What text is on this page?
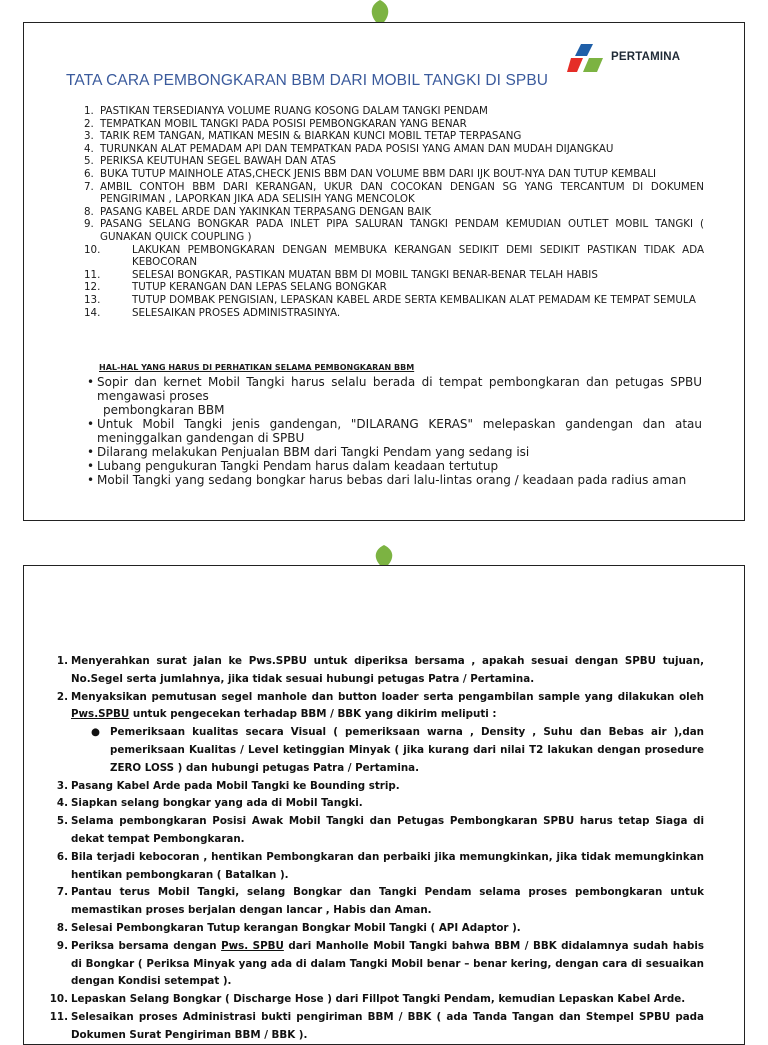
PERTAMINA
TATA CARA PEMBONGKARAN BBM DARI MOBIL TANGKI DI SPBU
1. PASTIKAN TERSEDIANYA VOLUME RUANG KOSONG DALAM TANGKI PENDAM
2. TEMPATKAN MOBIL TANGKI PADA POSISI PEMBONGKARAN YANG BENAR
3. TARIK REM TANGAN, MATIKAN MESIN & BIARKAN KUNCI MOBIL TETAP TERPASANG
4. TURUNKAN ALAT PEMADAM API DAN TEMPATKAN PADA POSISI YANG AMAN DAN MUDAH DIJANGKAU
5. PERIKSA KEUTUHAN SEGEL BAWAH DAN ATAS
6. BUKA TUTUP MAINHOLE ATAS,CHECK JENIS BBM DAN VOLUME BBM DARI IJK BOUT-NYA DAN TUTUP KEMBALI
7. AMBIL CONTOH BBM DARI KERANGAN, UKUR DAN COCOKAN DENGAN SG YANG TERCANTUM DI DOKUMEN PENGIRIMAN , LAPORKAN JIKA ADA SELISIH YANG MENCOLOK
8. PASANG KABEL ARDE DAN YAKINKAN TERPASANG DENGAN BAIK
9. PASANG SELANG BONGKAR PADA INLET PIPA SALURAN TANGKI PENDAM KEMUDIAN OUTLET MOBIL TANGKI ( GUNAKAN QUICK COUPLING )
10.	LAKUKAN PEMBONGKARAN DENGAN MEMBUKA KERANGAN SEDIKIT DEMI SEDIKIT PASTIKAN TIDAK ADA KEBOCORAN
11.	SELESAI BONGKAR, PASTIKAN MUATAN BBM DI MOBIL TANGKI BENAR-BENAR TELAH HABIS
12.	TUTUP KERANGAN DAN LEPAS SELANG BONGKAR
13.	TUTUP DOMBAK PENGISIAN, LEPASKAN KABEL ARDE SERTA KEMBALIKAN ALAT PEMADAM KE TEMPAT SEMULA
14.	SELESAIKAN PROSES ADMINISTRASINYA.
HAL-HAL YANG HARUS DI PERHATIKAN SELAMA PEMBONGKARAN BBM
• Sopir dan kernet Mobil Tangki harus selalu berada di tempat pembongkaran dan petugas SPBU mengawasi proses
pembongkaran BBM
• Untuk Mobil Tangki jenis gandengan, "DILARANG KERAS" melepaskan gandengan dan atau meninggalkan gandengan di SPBU
• Dilarang melakukan Penjualan BBM dari Tangki Pendam yang sedang isi
• Lubang pengukuran Tangki Pendam harus dalam keadaan tertutup
• Mobil Tangki yang sedang bongkar harus bebas dari lalu-lintas orang / keadaan pada radius aman
1. Menyerahkan surat jalan ke Pws.SPBU untuk diperiksa bersama , apakah sesuai dengan SPBU tujuan, No.Segel serta jumlahnya, jika tidak sesuai hubungi petugas Patra / Pertamina.
2. Menyaksikan pemutusan segel manhole dan button loader serta pengambilan sample yang dilakukan oleh Pws.SPBU untuk pengecekan terhadap BBM / BBK yang dikirim meliputi :
● Pemeriksaan kualitas secara Visual ( pemeriksaan warna , Density , Suhu dan Bebas air ),dan pemeriksaan Kualitas / Level ketinggian Minyak ( jika kurang dari nilai T2 lakukan dengan prosedure ZERO LOSS ) dan hubungi petugas Patra / Pertamina.
3. Pasang Kabel Arde pada Mobil Tangki ke Bounding strip.
4. Siapkan selang bongkar yang ada di Mobil Tangki.
5. Selama pembongkaran Posisi Awak Mobil Tangki dan Petugas Pembongkaran SPBU harus tetap Siaga di dekat tempat Pembongkaran.
6. Bila terjadi kebocoran , hentikan Pembongkaran dan perbaiki jika memungkinkan, jika tidak memungkinkan hentikan pembongkaran ( Batalkan ).
7. Pantau terus Mobil Tangki, selang Bongkar dan Tangki Pendam selama proses pembongkaran untuk memastikan proses berjalan dengan lancar , Habis dan Aman.
8. Selesai Pembongkaran Tutup kerangan Bongkar Mobil Tangki ( API Adaptor ).
9. Periksa bersama dengan Pws. SPBU dari Manholle Mobil Tangki bahwa BBM / BBK didalamnya sudah habis di Bongkar ( Periksa Minyak yang ada di dalam Tangki Mobil benar – benar kering, dengan cara di sesuaikan dengan Kondisi setempat ).
10. Lepaskan Selang Bongkar ( Discharge Hose ) dari Fillpot Tangki Pendam, kemudian Lepaskan Kabel Arde.
11. Selesaikan proses Administrasi bukti pengiriman BBM / BBK ( ada Tanda Tangan dan Stempel SPBU pada Dokumen Surat Pengiriman BBM / BBK ).
